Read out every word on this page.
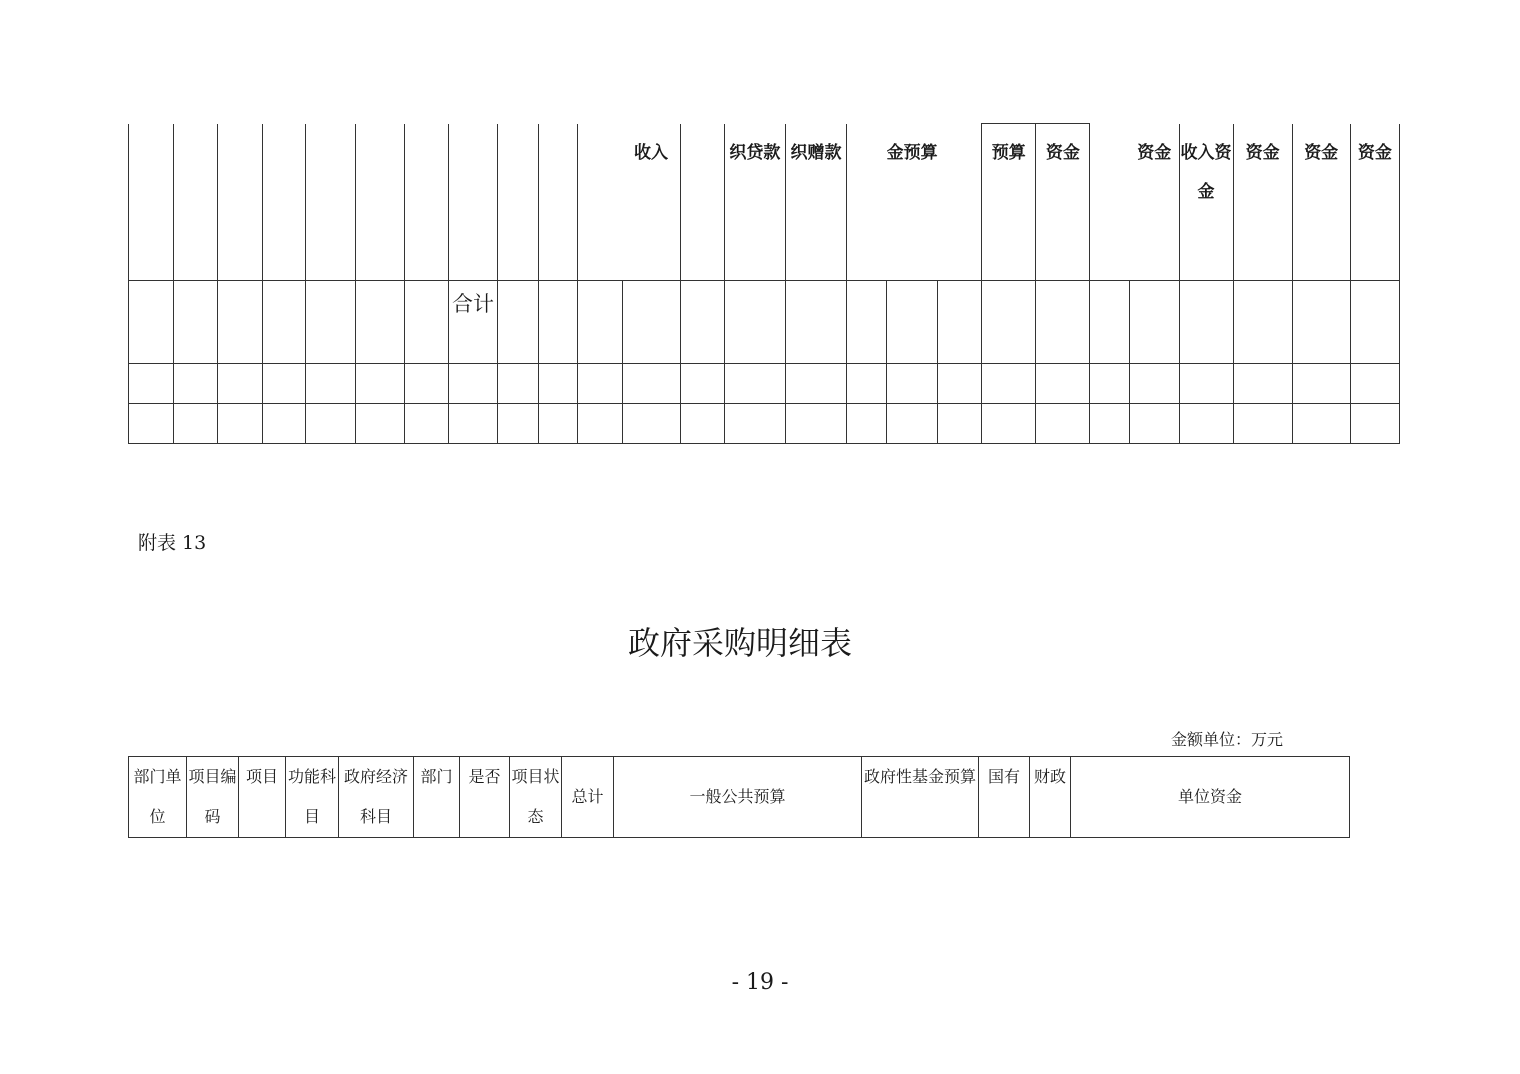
											收入		织贷款	织赠款		金预算		预算	资金		资金	收入资金	资金	资金	资金
							合计																		

附表 13
政府采购明细表
金额单位：万元
部门单位	项目编码	项目	功能科目	政府经济科目	部门	是否	项目状态	总计	一般公共预算	政府性基金预算	国有	财政	单位资金
- 19 -
